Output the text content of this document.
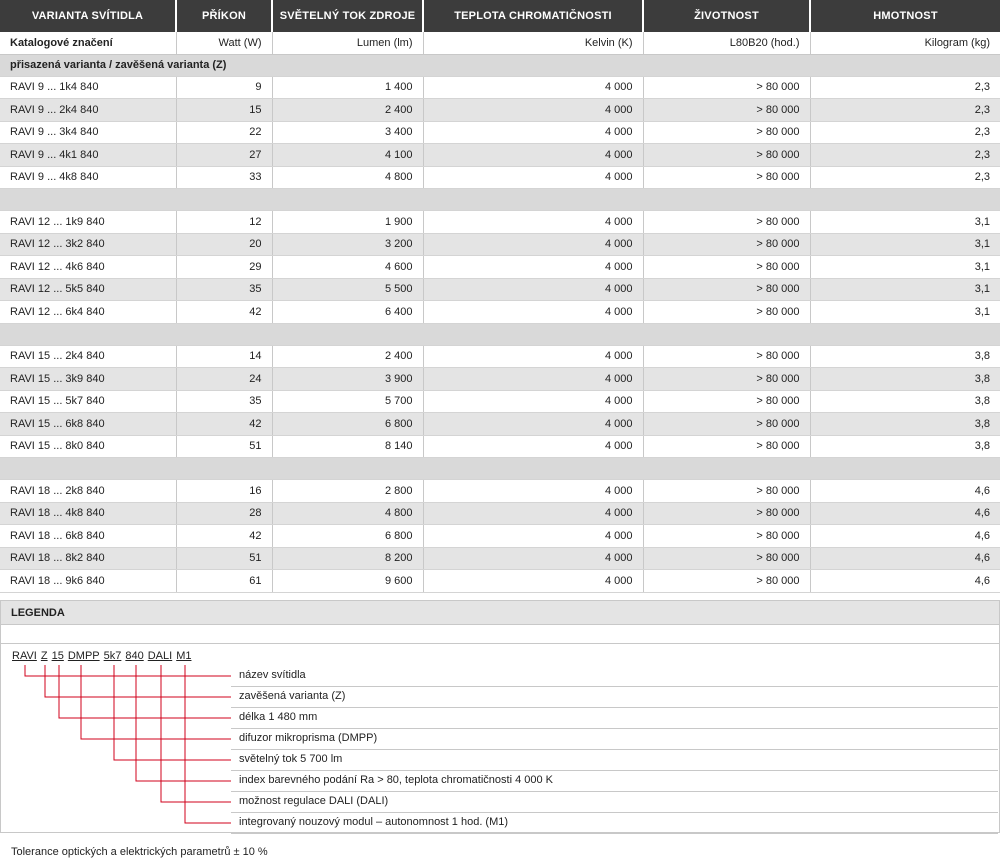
VARIANTA SVÍTIDLA	PŘÍKON	SVĚTELNÝ TOK ZDROJE	TEPLOTA CHROMATIČNOSTI	ŽIVOTNOST	HMOTNOST
Katalogové značení	Watt (W)	Lumen (lm)	Kelvin (K)	L80B20 (hod.)	Kilogram (kg)
přisazená varianta / zavěšená varianta (Z)					
RAVI 9 ... 1k4 840	9	1 400	4 000	> 80 000	2,3
RAVI 9 ... 2k4 840	15	2 400	4 000	> 80 000	2,3
RAVI 9 ... 3k4 840	22	3 400	4 000	> 80 000	2,3
RAVI 9 ... 4k1 840	27	4 100	4 000	> 80 000	2,3
RAVI 9 ... 4k8 840	33	4 800	4 000	> 80 000	2,3

RAVI 12 ... 1k9 840	12	1 900	4 000	> 80 000	3,1
RAVI 12 ... 3k2 840	20	3 200	4 000	> 80 000	3,1
RAVI 12 ... 4k6 840	29	4 600	4 000	> 80 000	3,1
RAVI 12 ... 5k5 840	35	5 500	4 000	> 80 000	3,1
RAVI 12 ... 6k4 840	42	6 400	4 000	> 80 000	3,1

RAVI 15 ... 2k4 840	14	2 400	4 000	> 80 000	3,8
RAVI 15 ... 3k9 840	24	3 900	4 000	> 80 000	3,8
RAVI 15 ... 5k7 840	35	5 700	4 000	> 80 000	3,8
RAVI 15 ... 6k8 840	42	6 800	4 000	> 80 000	3,8
RAVI 15 ... 8k0 840	51	8 140	4 000	> 80 000	3,8

RAVI 18 ... 2k8 840	16	2 800	4 000	> 80 000	4,6
RAVI 18 ... 4k8 840	28	4 800	4 000	> 80 000	4,6
RAVI 18 ... 6k8 840	42	6 800	4 000	> 80 000	4,6
RAVI 18 ... 8k2 840	51	8 200	4 000	> 80 000	4,6
RAVI 18 ... 9k6 840	61	9 600	4 000	> 80 000	4,6
LEGENDA
RAVI Z 15 DMPP 5k7 840 DALI M1
název svítidla
zavěšená varianta (Z)
délka 1 480 mm
difuzor mikroprisma (DMPP)
světelný tok 5 700 lm
index barevného podání Ra > 80, teplota chromatičnosti 4 000 K
možnost regulace DALI (DALI)
integrovaný nouzový modul – autonomnost 1 hod. (M1)
Tolerance optických a elektrických parametrů ± 10 %
